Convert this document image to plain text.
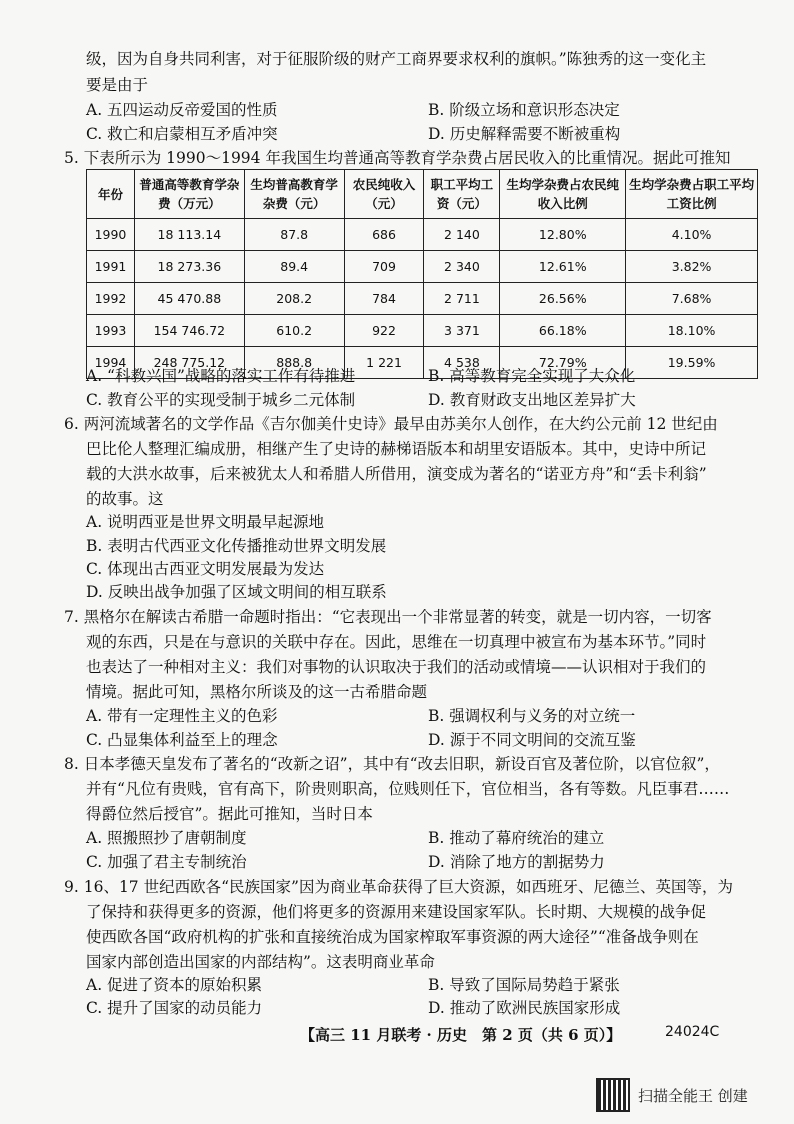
级，因为自身共同利害，对于征服阶级的财产工商界要求权利的旗帜。”陈独秀的这一变化主
要是由于
A. 五四运动反帝爱国的性质	B. 阶级立场和意识形态决定
C. 救亡和启蒙相互矛盾冲突	D. 历史解释需要不断被重构
5. 下表所示为 1990～1994 年我国生均普通高等教育学杂费占居民收入的比重情况。据此可推知
年份	普通高等教育学杂费（万元）	生均普高教育学杂费（元）	农民纯收入（元）	职工平均工资（元）	生均学杂费占农民纯收入比例	生均学杂费占职工平均工资比例
1990	18 113.14	87.8	686	2 140	12.80%	4.10%
1991	18 273.36	89.4	709	2 340	12.61%	3.82%
1992	45 470.88	208.2	784	2 711	26.56%	7.68%
1993	154 746.72	610.2	922	3 371	66.18%	18.10%
1994	248 775.12	888.8	1 221	4 538	72.79%	19.59%
A. “科教兴国”战略的落实工作有待推进	B. 高等教育完全实现了大众化
C. 教育公平的实现受制于城乡二元体制	D. 教育财政支出地区差异扩大
6. 两河流域著名的文学作品《吉尔伽美什史诗》最早由苏美尔人创作，在大约公元前 12 世纪由
巴比伦人整理汇编成册，相继产生了史诗的赫梯语版本和胡里安语版本。其中，史诗中所记
载的大洪水故事，后来被犹太人和希腊人所借用，演变成为著名的“诺亚方舟”和“丢卡利翁”
的故事。这
A. 说明西亚是世界文明最早起源地
B. 表明古代西亚文化传播推动世界文明发展
C. 体现出古西亚文明发展最为发达
D. 反映出战争加强了区域文明间的相互联系
7. 黑格尔在解读古希腊一命题时指出：“它表现出一个非常显著的转变，就是一切内容，一切客
观的东西，只是在与意识的关联中存在。因此，思维在一切真理中被宣布为基本环节。”同时
也表达了一种相对主义：我们对事物的认识取决于我们的活动或情境——认识相对于我们的
情境。据此可知，黑格尔所谈及的这一古希腊命题
A. 带有一定理性主义的色彩	B. 强调权利与义务的对立统一
C. 凸显集体利益至上的理念	D. 源于不同文明间的交流互鉴
8. 日本孝德天皇发布了著名的“改新之诏”，其中有“改去旧职，新设百官及著位阶，以官位叙”，
并有“凡位有贵贱，官有高下，阶贵则职高，位贱则任下，官位相当，各有等数。凡臣事君……
得爵位然后授官”。据此可推知，当时日本
A. 照搬照抄了唐朝制度	B. 推动了幕府统治的建立
C. 加强了君主专制统治	D. 消除了地方的割据势力
9. 16、17 世纪西欧各“民族国家”因为商业革命获得了巨大资源，如西班牙、尼德兰、英国等，为
了保持和获得更多的资源，他们将更多的资源用来建设国家军队。长时期、大规模的战争促
使西欧各国“政府机构的扩张和直接统治成为国家榨取军事资源的两大途径”“准备战争则在
国家内部创造出国家的内部结构”。这表明商业革命
A. 促进了资本的原始积累	B. 导致了国际局势趋于紧张
C. 提升了国家的动员能力	D. 推动了欧洲民族国家形成
【高三 11 月联考 · 历史　第 2 页（共 6 页）】	24024C
扫描全能王 创建
